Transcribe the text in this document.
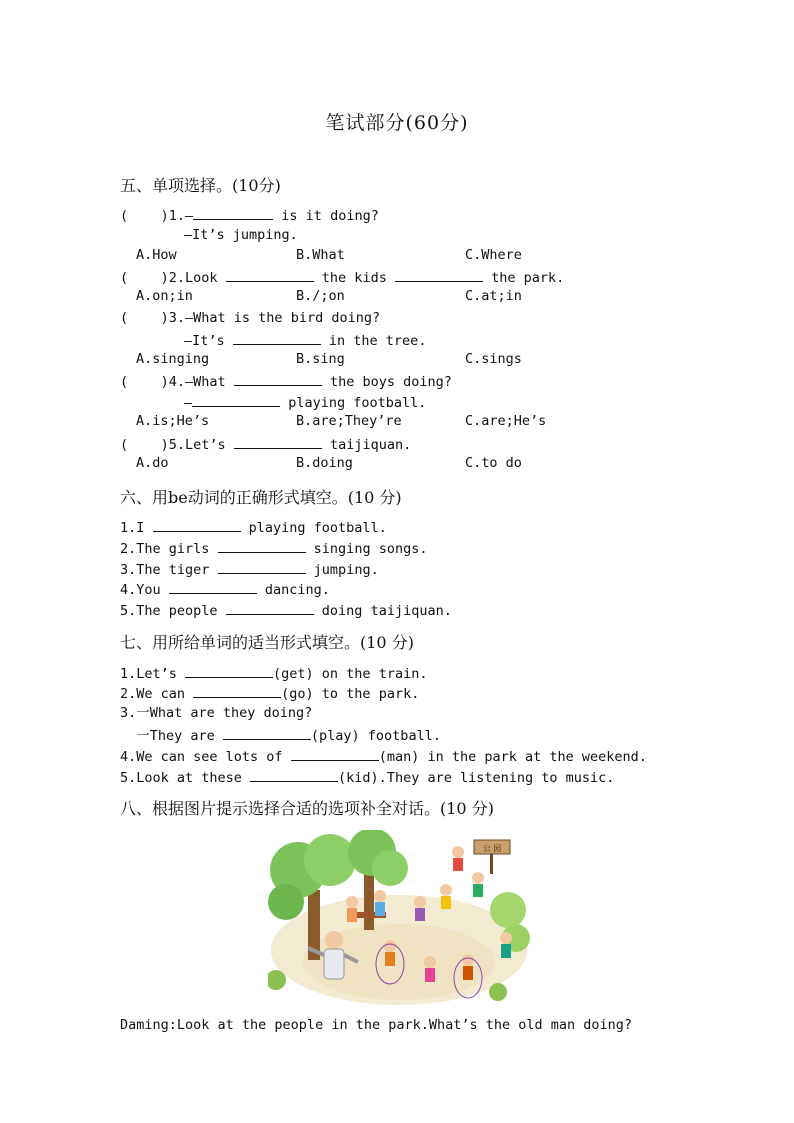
笔试部分(60分)
五、单项选择。(10分)
(    )1.—	is it doing?
—It’s jumping.
A.How	B.What	C.Where
(    )2.Look	the kids	the park.
A.on;in	B./;on	C.at;in
(    )3.—What is the bird doing?
—It’s	in the tree.
A.singing	B.sing	C.sings
(    )4.—What	the boys doing?
—	playing football.
A.is;He’s	B.are;They’re	C.are;He’s
(    )5.Let’s	taijiquan.
A.do	B.doing	C.to do
六、用be动词的正确形式填空。(10 分)
1.I	playing football.
2.The girls	singing songs.
3.The tiger	jumping.
4.You	dancing.
5.The people	doing taijiquan.
七、用所给单词的适当形式填空。(10 分)
1.Let’s	(get) on the train.
2.We can	(go) to the park.
3.一What are they doing?
一They are	(play) football.
4.We can see lots of	(man) in the park at the weekend.
5.Look at these	(kid).They are listening to music.
八、根据图片提示选择合适的选项补全对话。(10 分)
公 园
Daming:Look at the people in the park.What’s the old man doing?
